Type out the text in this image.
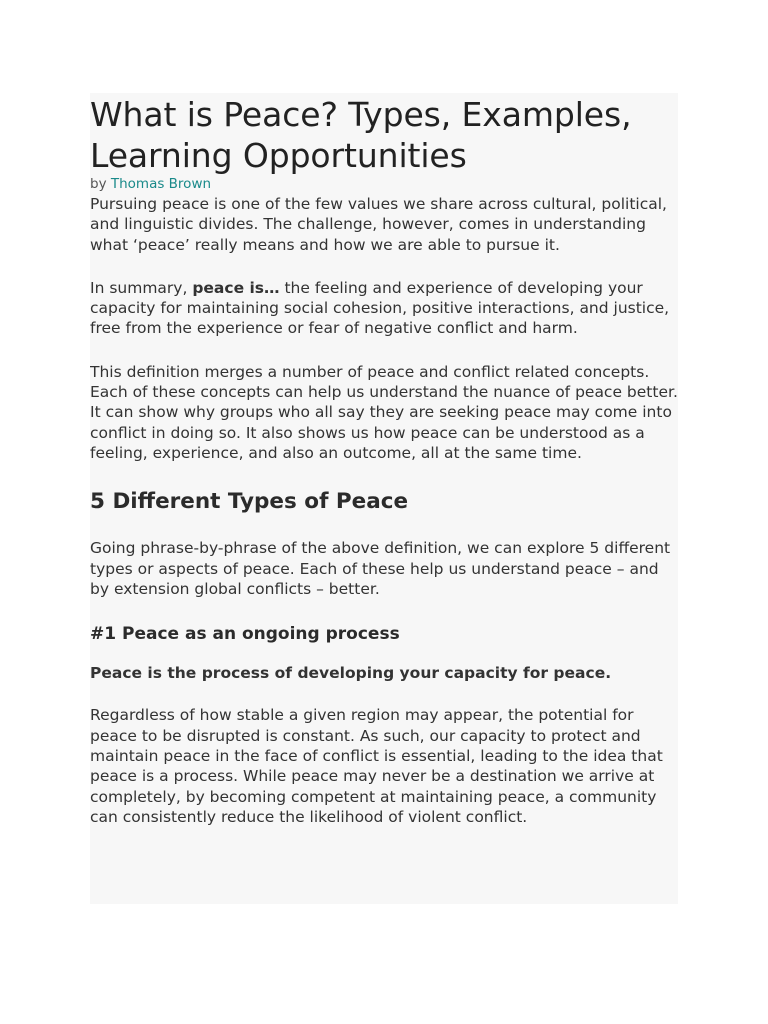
What is Peace? Types, Examples, Learning Opportunities
by Thomas Brown

Pursuing peace is one of the few values we share across cultural, political, and linguistic divides. The challenge, however, comes in understanding what ‘peace’ really means and how we are able to pursue it.

In summary, peace is… the feeling and experience of developing your capacity for maintaining social cohesion, positive interactions, and justice, free from the experience or fear of negative conflict and harm.

This definition merges a number of peace and conflict related concepts. Each of these concepts can help us understand the nuance of peace better. It can show why groups who all say they are seeking peace may come into conflict in doing so. It also shows us how peace can be understood as a feeling, experience, and also an outcome, all at the same time.

5 Different Types of Peace

Going phrase-by-phrase of the above definition, we can explore 5 different types or aspects of peace. Each of these help us understand peace – and by extension global conflicts – better.

#1 Peace as an ongoing process

Peace is the process of developing your capacity for peace.

Regardless of how stable a given region may appear, the potential for peace to be disrupted is constant. As such, our capacity to protect and maintain peace in the face of conflict is essential, leading to the idea that peace is a process. While peace may never be a destination we arrive at completely, by becoming competent at maintaining peace, a community can consistently reduce the likelihood of violent conflict.
